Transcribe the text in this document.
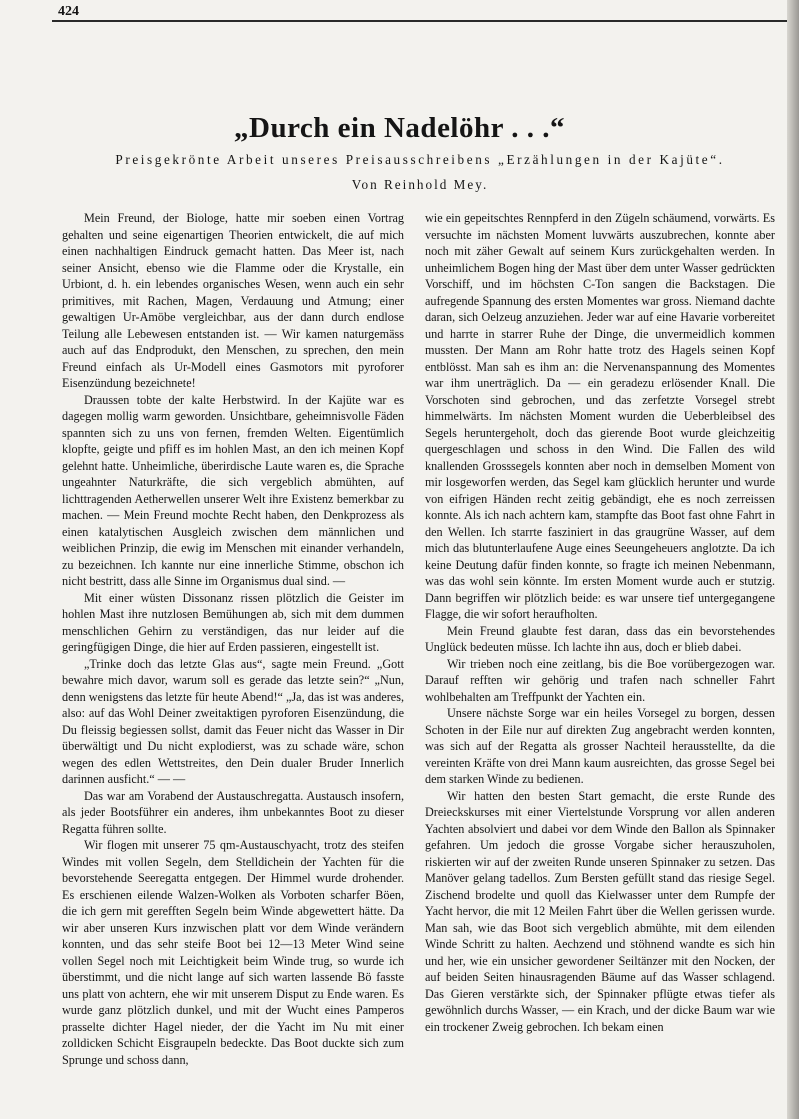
424
„Durch ein Nadelöhr . . .“
Preisgekrönte Arbeit unseres Preisausschreibens „Erzählungen in der Kajüte“.
Von Reinhold Mey.

Mein Freund, der Biologe, hatte mir soeben einen Vortrag gehalten und seine eigenartigen Theorien entwickelt, die auf mich einen nachhaltigen Eindruck gemacht hatten. Das Meer ist, nach seiner Ansicht, ebenso wie die Flamme oder die Krystalle, ein Urbiont, d. h. ein lebendes organisches Wesen, wenn auch ein sehr primitives, mit Rachen, Magen, Verdauung und Atmung; einer gewaltigen Ur-Amöbe vergleichbar, aus der dann durch endlose Teilung alle Lebewesen entstanden ist. — Wir kamen naturgemäss auch auf das Endprodukt, den Menschen, zu sprechen, den mein Freund einfach als Ur-Modell eines Gasmotors mit pyroforer Eisenzündung bezeichnete!

Draussen tobte der kalte Herbstwird. In der Kajüte war es dagegen mollig warm geworden. Unsichtbare, geheimnisvolle Fäden spannten sich zu uns von fernen, fremden Welten. Eigentümlich klopfte, geigte und pfiff es im hohlen Mast, an den ich meinen Kopf gelehnt hatte. Unheimliche, überirdische Laute waren es, die Sprache ungeahnter Naturkräfte, die sich vergeblich abmühten, auf lichttragenden Aetherwellen unserer Welt ihre Existenz bemerkbar zu machen. — Mein Freund mochte Recht haben, den Denkprozess als einen katalytischen Ausgleich zwischen dem männlichen und weiblichen Prinzip, die ewig im Menschen mit einander verhandeln, zu bezeichnen. Ich kannte nur eine innerliche Stimme, obschon ich nicht bestritt, dass alle Sinne im Organismus dual sind. —

Mit einer wüsten Dissonanz rissen plötzlich die Geister im hohlen Mast ihre nutzlosen Bemühungen ab, sich mit dem dummen menschlichen Gehirn zu verständigen, das nur leider auf die geringfügigen Dinge, die hier auf Erden passieren, eingestellt ist.

„Trinke doch das letzte Glas aus“, sagte mein Freund. „Gott bewahre mich davor, warum soll es gerade das letzte sein?“ „Nun, denn wenigstens das letzte für heute Abend!“ „Ja, das ist was anderes, also: auf das Wohl Deiner zweitaktigen pyroforen Eisenzündung, die Du fleissig begiessen sollst, damit das Feuer nicht das Wasser in Dir überwältigt und Du nicht explodierst, was zu schade wäre, schon wegen des edlen Wettstreites, den Dein dualer Bruder Innerlich darinnen ausficht.“ — —

Das war am Vorabend der Austauschregatta. Austausch insofern, als jeder Bootsführer ein anderes, ihm unbekanntes Boot zu dieser Regatta führen sollte.

Wir flogen mit unserer 75 qm-Austauschyacht, trotz des steifen Windes mit vollen Segeln, dem Stelldichein der Yachten für die bevorstehende Seeregatta entgegen. Der Himmel wurde drohender. Es erschienen eilende Walzen-Wolken als Vorboten scharfer Böen, die ich gern mit gerefften Segeln beim Winde abgewettert hätte. Da wir aber unseren Kurs inzwischen platt vor dem Winde verändern konnten, und das sehr steife Boot bei 12—13 Meter Wind seine vollen Segel noch mit Leichtigkeit beim Winde trug, so wurde ich überstimmt, und die nicht lange auf sich warten lassende Bö fasste uns platt von achtern, ehe wir mit unserem Disput zu Ende waren. Es wurde ganz plötzlich dunkel, und mit der Wucht eines Pamperos prasselte dichter Hagel nieder, der die Yacht im Nu mit einer zolldicken Schicht Eisgraupeln bedeckte. Das Boot duckte sich zum Sprunge und schoss dann,

wie ein gepeitschtes Rennpferd in den Zügeln schäumend, vorwärts. Es versuchte im nächsten Moment luvwärts auszubrechen, konnte aber noch mit zäher Gewalt auf seinem Kurs zurückgehalten werden. In unheimlichem Bogen hing der Mast über dem unter Wasser gedrückten Vorschiff, und im höchsten C-Ton sangen die Backstagen. Die aufregende Spannung des ersten Momentes war gross. Niemand dachte daran, sich Oelzeug anzuziehen. Jeder war auf eine Havarie vorbereitet und harrte in starrer Ruhe der Dinge, die unvermeidlich kommen mussten. Der Mann am Rohr hatte trotz des Hagels seinen Kopf entblösst. Man sah es ihm an: die Nervenanspannung des Momentes war ihm unerträglich. Da — ein geradezu erlösender Knall. Die Vorschoten sind gebrochen, und das zerfetzte Vorsegel strebt himmelwärts. Im nächsten Moment wurden die Ueberbleibsel des Segels heruntergeholt, doch das gierende Boot wurde gleichzeitig quergeschlagen und schoss in den Wind. Die Fallen des wild knallenden Grosssegels konnten aber noch in demselben Moment von mir losgeworfen werden, das Segel kam glücklich herunter und wurde von eifrigen Händen recht zeitig gebändigt, ehe es noch zerreissen konnte. Als ich nach achtern kam, stampfte das Boot fast ohne Fahrt in den Wellen. Ich starrte fasziniert in das graugrüne Wasser, auf dem mich das blutunterlaufene Auge eines Seeungeheuers anglotzte. Da ich keine Deutung dafür finden konnte, so fragte ich meinen Nebenmann, was das wohl sein könnte. Im ersten Moment wurde auch er stutzig. Dann begriffen wir plötzlich beide: es war unsere tief untergegangene Flagge, die wir sofort heraufholten.

Mein Freund glaubte fest daran, dass das ein bevorstehendes Unglück bedeuten müsse. Ich lachte ihn aus, doch er blieb dabei.

Wir trieben noch eine zeitlang, bis die Boe vorübergezogen war. Darauf refften wir gehörig und trafen nach schneller Fahrt wohlbehalten am Treffpunkt der Yachten ein.

Unsere nächste Sorge war ein heiles Vorsegel zu borgen, dessen Schoten in der Eile nur auf direkten Zug angebracht werden konnten, was sich auf der Regatta als grosser Nachteil herausstellte, da die vereinten Kräfte von drei Mann kaum ausreichten, das grosse Segel bei dem starken Winde zu bedienen.

Wir hatten den besten Start gemacht, die erste Runde des Dreieckskurses mit einer Viertelstunde Vorsprung vor allen anderen Yachten absolviert und dabei vor dem Winde den Ballon als Spinnaker gefahren. Um jedoch die grosse Vorgabe sicher herauszuholen, riskierten wir auf der zweiten Runde unseren Spinnaker zu setzen. Das Manöver gelang tadellos. Zum Bersten gefüllt stand das riesige Segel. Zischend brodelte und quoll das Kielwasser unter dem Rumpfe der Yacht hervor, die mit 12 Meilen Fahrt über die Wellen gerissen wurde. Man sah, wie das Boot sich vergeblich abmühte, mit dem eilenden Winde Schritt zu halten. Aechzend und stöhnend wandte es sich hin und her, wie ein unsicher gewordener Seiltänzer mit den Nocken, der auf beiden Seiten hinausragenden Bäume auf das Wasser schlagend. Das Gieren verstärkte sich, der Spinnaker pflügte etwas tiefer als gewöhnlich durchs Wasser, — ein Krach, und der dicke Baum war wie ein trockener Zweig gebrochen. Ich bekam einen
